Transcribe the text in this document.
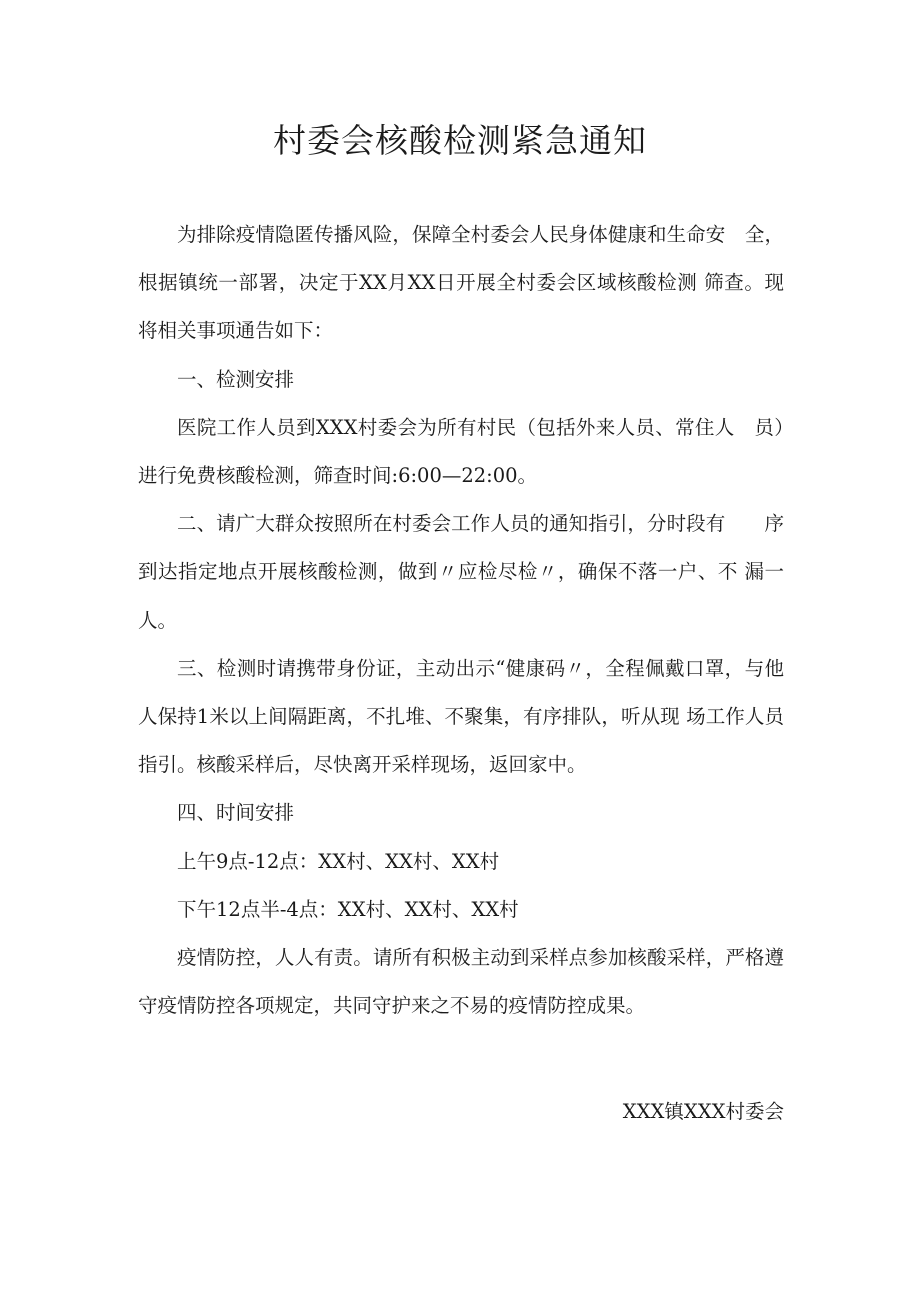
村委会核酸检测紧急通知

为排除疫情隐匿传播风险，保障全村委会人民身体健康和生命安　全，根据镇统一部署，决定于XX月XX日开展全村委会区域核酸检测 筛查。现将相关事项通告如下：

一、检测安排

医院工作人员到XXX村委会为所有村民（包括外来人员、常住人　员）进行免费核酸检测，筛查时间:6:00—22:00。

二、请广大群众按照所在村委会工作人员的通知指引，分时段有　　序到达指定地点开展核酸检测，做到〃应检尽检〃，确保不落一户、不 漏一人。

三、检测时请携带身份证，主动出示“健康码〃，全程佩戴口罩，与他人保持1米以上间隔距离，不扎堆、不聚集，有序排队，听从现 场工作人员指引。核酸采样后，尽快离开采样现场，返回家中。

四、时间安排

上午9点-12点：XX村、XX村、XX村

下午12点半-4点：XX村、XX村、XX村

疫情防控，人人有责。请所有积极主动到采样点参加核酸采样，严格遵守疫情防控各项规定，共同守护来之不易的疫情防控成果。

XXX镇XXX村委会
